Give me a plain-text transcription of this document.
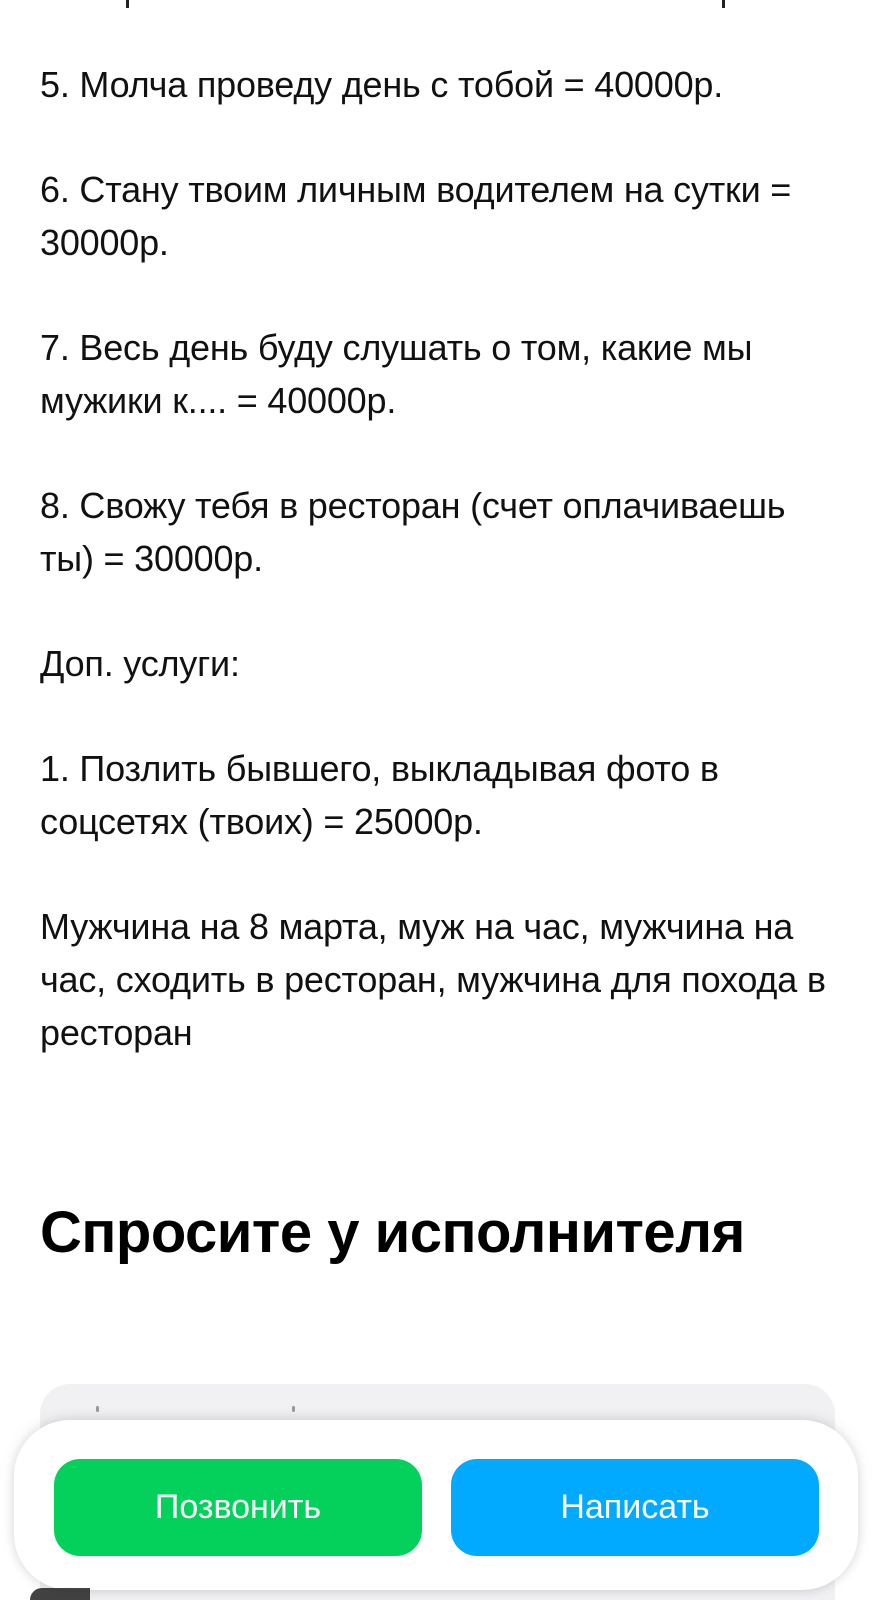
5. Молча проведу день с тобой = 40000р.

6. Стану твоим личным водителем на сутки = 30000р.

7. Весь день буду слушать о том, какие мы мужики к.... = 40000р.

8. Свожу тебя в ресторан (счет оплачиваешь ты) = 30000р.

Доп. услуги:

1. Позлить бывшего, выкладывая фото в соцсетях (твоих) = 25000р.

Мужчина на 8 марта, муж на час, мужчина на час, сходить в ресторан, мужчина для похода в ресторан

Спросите у исполнителя
Позвонить	Написать
